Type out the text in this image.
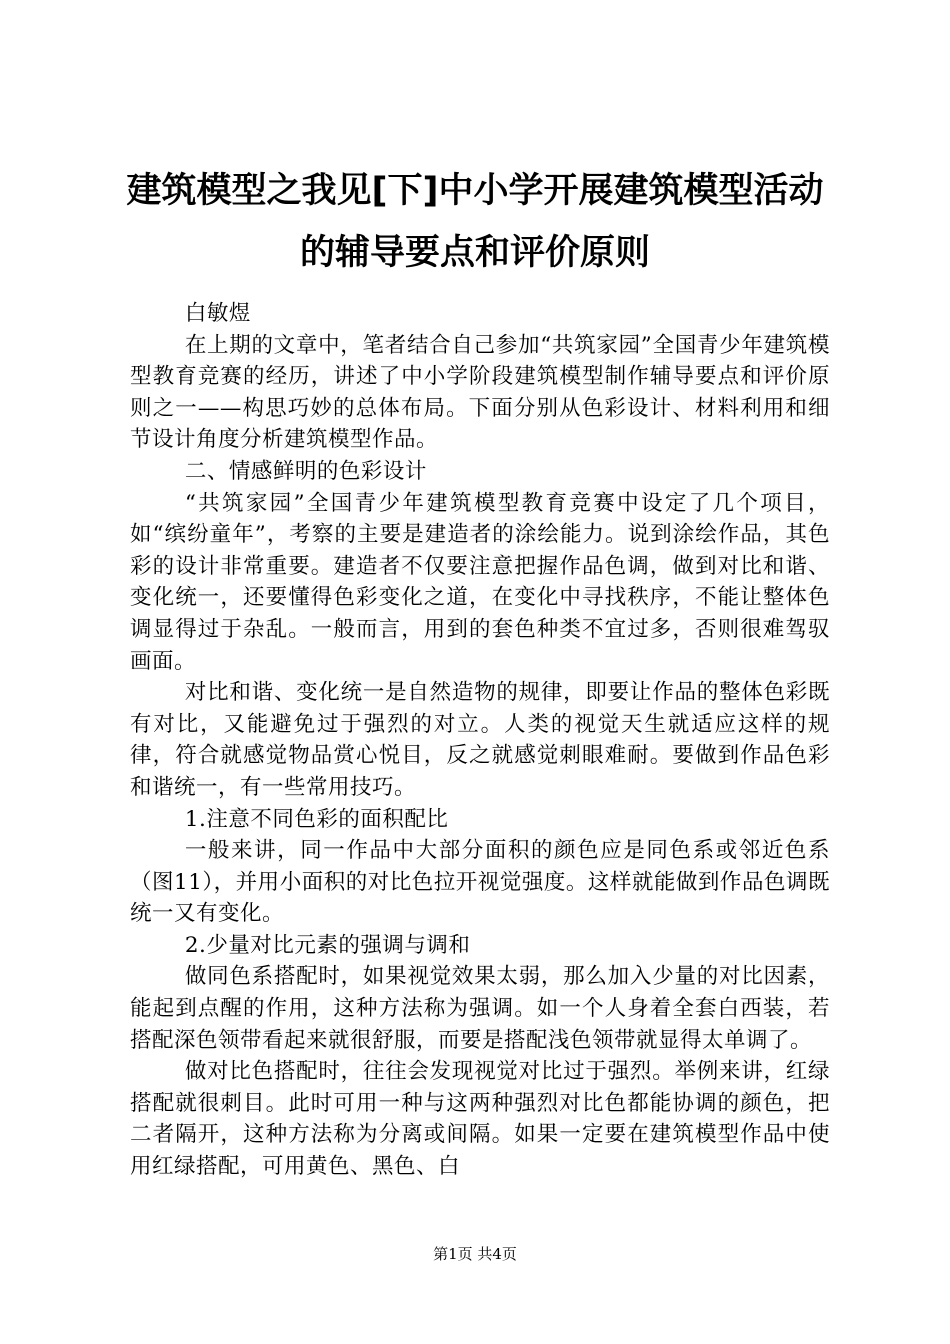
建筑模型之我见[下]中小学开展建筑模型活动
的辅导要点和评价原则

白敏煜

在上期的文章中，笔者结合自己参加“共筑家园”全国青少年建筑模型教育竞赛的经历，讲述了中小学阶段建筑模型制作辅导要点和评价原则之一——构思巧妙的总体布局。下面分别从色彩设计、材料利用和细节设计角度分析建筑模型作品。

二、情感鲜明的色彩设计

“共筑家园”全国青少年建筑模型教育竞赛中设定了几个项目，如“缤纷童年”，考察的主要是建造者的涂绘能力。说到涂绘作品，其色彩的设计非常重要。建造者不仅要注意把握作品色调，做到对比和谐、变化统一，还要懂得色彩变化之道，在变化中寻找秩序，不能让整体色调显得过于杂乱。一般而言，用到的套色种类不宜过多，否则很难驾驭画面。

对比和谐、变化统一是自然造物的规律，即要让作品的整体色彩既有对比，又能避免过于强烈的对立。人类的视觉天生就适应这样的规律，符合就感觉物品赏心悦目，反之就感觉刺眼难耐。要做到作品色彩和谐统一，有一些常用技巧。

1.注意不同色彩的面积配比

一般来讲，同一作品中大部分面积的颜色应是同色系或邻近色系（图11），并用小面积的对比色拉开视觉强度。这样就能做到作品色调既统一又有变化。

2.少量对比元素的强调与调和

做同色系搭配时，如果视觉效果太弱，那么加入少量的对比因素，能起到点醒的作用，这种方法称为强调。如一个人身着全套白西装，若搭配深色领带看起来就很舒服，而要是搭配浅色领带就显得太单调了。

做对比色搭配时，往往会发现视觉对比过于强烈。举例来讲，红绿搭配就很刺目。此时可用一种与这两种强烈对比色都能协调的颜色，把二者隔开，这种方法称为分离或间隔。如果一定要在建筑模型作品中使用红绿搭配，可用黄色、黑色、白

第1页 共4页
